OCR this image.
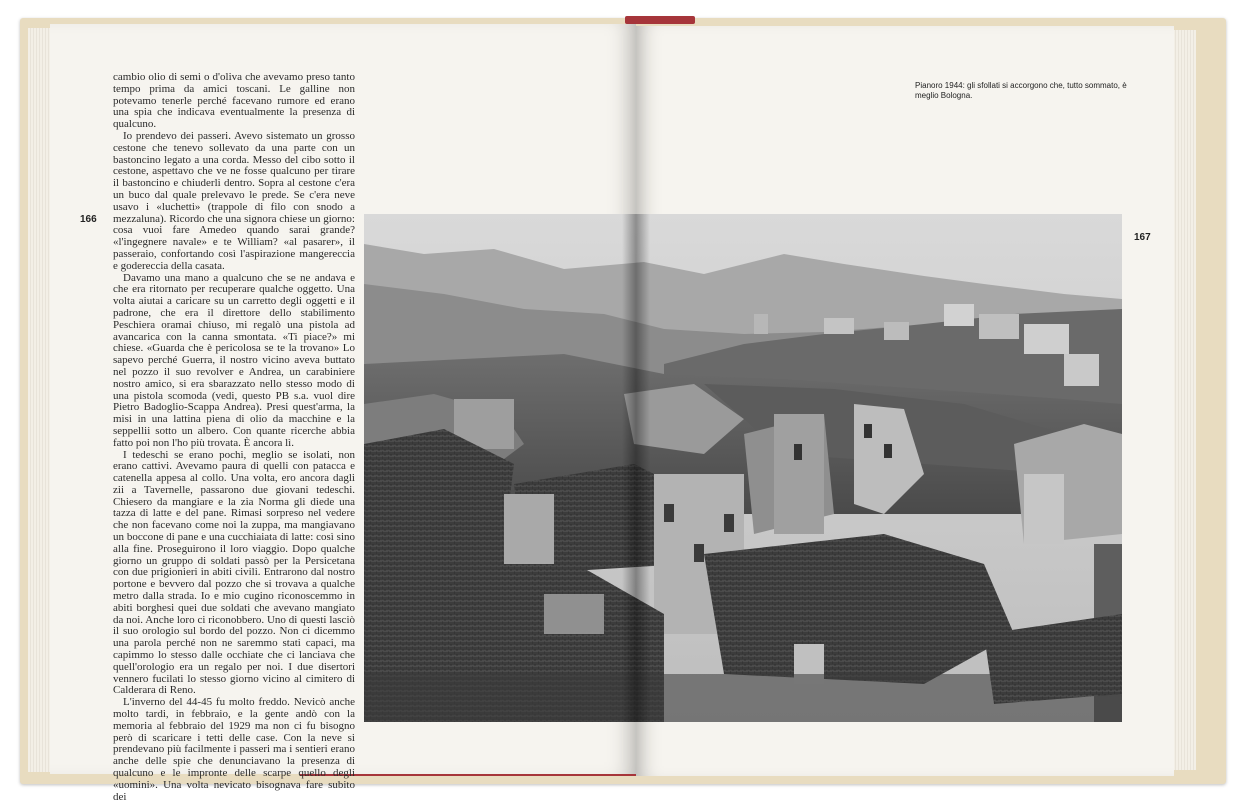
166
167

cambio olio di semi o d'oliva che avevamo preso tanto tempo prima da amici toscani. Le galline non potevamo tenerle perché facevano rumore ed erano una spia che indicava eventualmente la presenza di qualcuno.

Io prendevo dei passeri. Avevo sistemato un grosso cestone che tenevo sollevato da una parte con un bastoncino legato a una corda. Messo del cibo sotto il cestone, aspettavo che ve ne fosse qualcuno per tirare il bastoncino e chiuderli dentro. Sopra al cestone c'era un buco dal quale prelevavo le prede. Se c'era neve usavo i «luchetti» (trappole di filo con snodo a mezzaluna). Ricordo che una signora chiese un giorno: cosa vuoi fare Amedeo quando sarai grande? «l'ingegnere navale» e te William? «al pasarer», il passeraio, confortando così l'aspirazione mangereccia e godereccia della casata.

Davamo una mano a qualcuno che se ne andava e che era ritornato per recuperare qualche oggetto. Una volta aiutai a caricare su un carretto degli oggetti e il padrone, che era il direttore dello stabilimento Peschiera oramai chiuso, mi regalò una pistola ad avancarica con la canna smontata. «Ti piace?» mi chiese. «Guarda che è pericolosa se te la trovano» Lo sapevo perché Guerra, il nostro vicino aveva buttato nel pozzo il suo revolver e Andrea, un carabiniere nostro amico, si era sbarazzato nello stesso modo di una pistola scomoda (vedi, questo PB s.a. vuol dire Pietro Badoglio-Scappa Andrea). Presi quest'arma, la misi in una lattina piena di olio da macchine e la seppellii sotto un albero. Con quante ricerche abbia fatto poi non l'ho più trovata. È ancora lì.

I tedeschi se erano pochi, meglio se isolati, non erano cattivi. Avevamo paura di quelli con patacca e catenella appesa al collo. Una volta, ero ancora dagli zii a Tavernelle, passarono due giovani tedeschi. Chiesero da mangiare e la zia Norma gli diede una tazza di latte e del pane. Rimasi sorpreso nel vedere che non facevano come noi la zuppa, ma mangiavano un boccone di pane e una cucchiaiata di latte: così sino alla fine. Proseguirono il loro viaggio. Dopo qualche giorno un gruppo di soldati passò per la Persicetana con due prigionieri in abiti civili. Entrarono dal nostro portone e bevvero dal pozzo che si trovava a qualche metro dalla strada. Io e mio cugino riconoscemmo in abiti borghesi quei due soldati che avevano mangiato da noi. Anche loro ci riconobbero. Uno di questi lasciò il suo orologio sul bordo del pozzo. Non ci dicemmo una parola perché non ne saremmo stati capaci, ma capimmo lo stesso dalle occhiate che ci lanciava che quell'orologio era un regalo per noi. I due disertori vennero fucilati lo stesso giorno vicino al cimitero di Calderara di Reno.

L'inverno del 44-45 fu molto freddo. Nevicò anche molto tardi, in febbraio, e la gente andò con la memoria al febbraio del 1929 ma non ci fu bisogno però di scaricare i tetti delle case. Con la neve si prendevano più facilmente i passeri ma i sentieri erano anche delle spie che denunciavano la presenza di qualcuno e le impronte delle scarpe quello degli «uomini». Una volta nevicato bisognava fare subito dei

Pianoro 1944: gli sfollati si accorgono che, tutto sommato, è meglio Bologna.
